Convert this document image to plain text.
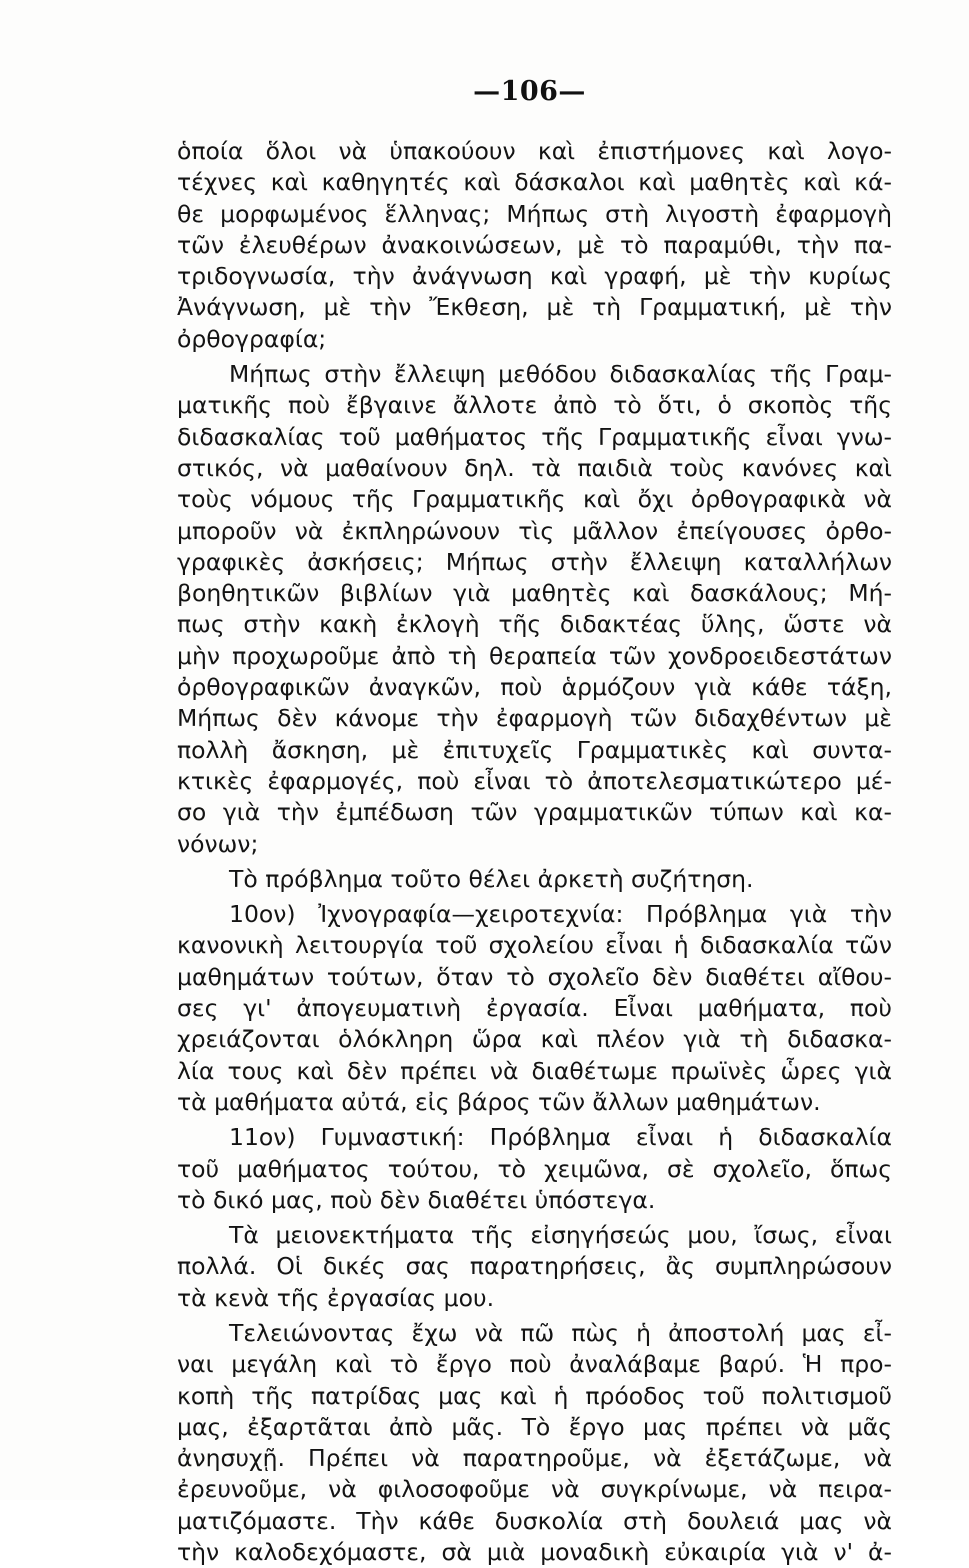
—106—
ὁποία ὅλοι νὰ ὑπακούουν καὶ ἐπιστήμονες καὶ λογο-
τέχνες καὶ καθηγητές καὶ δάσκαλοι καὶ μαθητὲς καὶ κά-
θε μορφωμένος ἕλληνας; Μήπως στὴ λιγοστὴ ἐφαρμογὴ
τῶν ἐλευθέρων ἀνακοινώσεων, μὲ τὸ παραμύθι, τὴν πα-
τριδογνωσία, τὴν ἀνάγνωση καὶ γραφή, μὲ τὴν κυρίως
Ἀνάγνωση, μὲ τὴν Ἔκθεση, μὲ τὴ Γραμματική, μὲ τὴν
ὀρθογραφία;
Μήπως στὴν ἔλλειψη μεθόδου διδασκαλίας τῆς Γραμ-
ματικῆς ποὺ ἔβγαινε ἄλλοτε ἀπὸ τὸ ὅτι, ὁ σκοπὸς τῆς
διδασκαλίας τοῦ μαθήματος τῆς Γραμματικῆς εἶναι γνω-
στικός, νὰ μαθαίνουν δηλ. τὰ παιδιὰ τοὺς κανόνες καὶ
τοὺς νόμους τῆς Γραμματικῆς καὶ ὄχι ὀρθογραφικὰ νὰ
μποροῦν νὰ ἐκπληρώνουν τὶς μᾶλλον ἐπείγουσες ὀρθο-
γραφικὲς ἀσκήσεις; Μήπως στὴν ἔλλειψη καταλλήλων
βοηθητικῶν βιβλίων γιὰ μαθητὲς καὶ δασκάλους; Μή-
πως στὴν κακὴ ἐκλογὴ τῆς διδακτέας ὕλης, ὥστε νὰ
μὴν προχωροῦμε ἀπὸ τὴ θεραπεία τῶν χονδροειδεστάτων
ὀρθογραφικῶν ἀναγκῶν, ποὺ ἁρμόζουν γιὰ κάθε τάξη,
Μήπως δὲν κάνομε τὴν ἐφαρμογὴ τῶν διδαχθέντων μὲ
πολλὴ ἄσκηση, μὲ ἐπιτυχεῖς Γραμματικὲς καὶ συντα-
κτικὲς ἐφαρμογές, ποὺ εἶναι τὸ ἀποτελεσματικώτερο μέ-
σο γιὰ τὴν ἐμπέδωση τῶν γραμματικῶν τύπων καὶ κα-
νόνων;
Τὸ πρόβλημα τοῦτο θέλει ἀρκετὴ συζήτηση.
10ον) Ἰχνογραφία—χειροτεχνία: Πρόβλημα γιὰ τὴν
κανονικὴ λειτουργία τοῦ σχολείου εἶναι ἡ διδασκαλία τῶν
μαθημάτων τούτων, ὅταν τὸ σχολεῖο δὲν διαθέτει αἴθου-
σες γι' ἀπογευματινὴ ἐργασία. Εἶναι μαθήματα, ποὺ
χρειάζονται ὁλόκληρη ὥρα καὶ πλέον γιὰ τὴ διδασκα-
λία τους καὶ δὲν πρέπει νὰ διαθέτωμε πρωϊνὲς ὧρες γιὰ
τὰ μαθήματα αὐτά, εἰς βάρος τῶν ἄλλων μαθημάτων.
11ον) Γυμναστική: Πρόβλημα εἶναι ἡ διδασκαλία
τοῦ μαθήματος τούτου, τὸ χειμῶνα, σὲ σχολεῖο, ὅπως
τὸ δικό μας, ποὺ δὲν διαθέτει ὑπόστεγα.
Τὰ μειονεκτήματα τῆς εἰσηγήσεώς μου, ἴσως, εἶναι
πολλά. Οἱ δικές σας παρατηρήσεις, ἂς συμπληρώσουν
τὰ κενὰ τῆς ἐργασίας μου.
Τελειώνοντας ἔχω νὰ πῶ πὼς ἡ ἀποστολή μας εἶ-
ναι μεγάλη καὶ τὸ ἔργο ποὺ ἀναλάβαμε βαρύ. Ἡ προ-
κοπὴ τῆς πατρίδας μας καὶ ἡ πρόοδος τοῦ πολιτισμοῦ
μας, ἐξαρτᾶται ἀπὸ μᾶς. Τὸ ἔργο μας πρέπει νὰ μᾶς
ἀνησυχῇ. Πρέπει νὰ παρατηροῦμε, νὰ ἐξετάζωμε, νὰ
ἐρευνοῦμε, νὰ φιλοσοφοῦμε νὰ συγκρίνωμε, νὰ πειρα-
ματιζόμαστε. Τὴν κάθε δυσκολία στὴ δουλειά μας νὰ
τὴν καλοδεχόμαστε, σὰ μιὰ μοναδικὴ εὐκαιρία γιὰ ν' ἀ-
